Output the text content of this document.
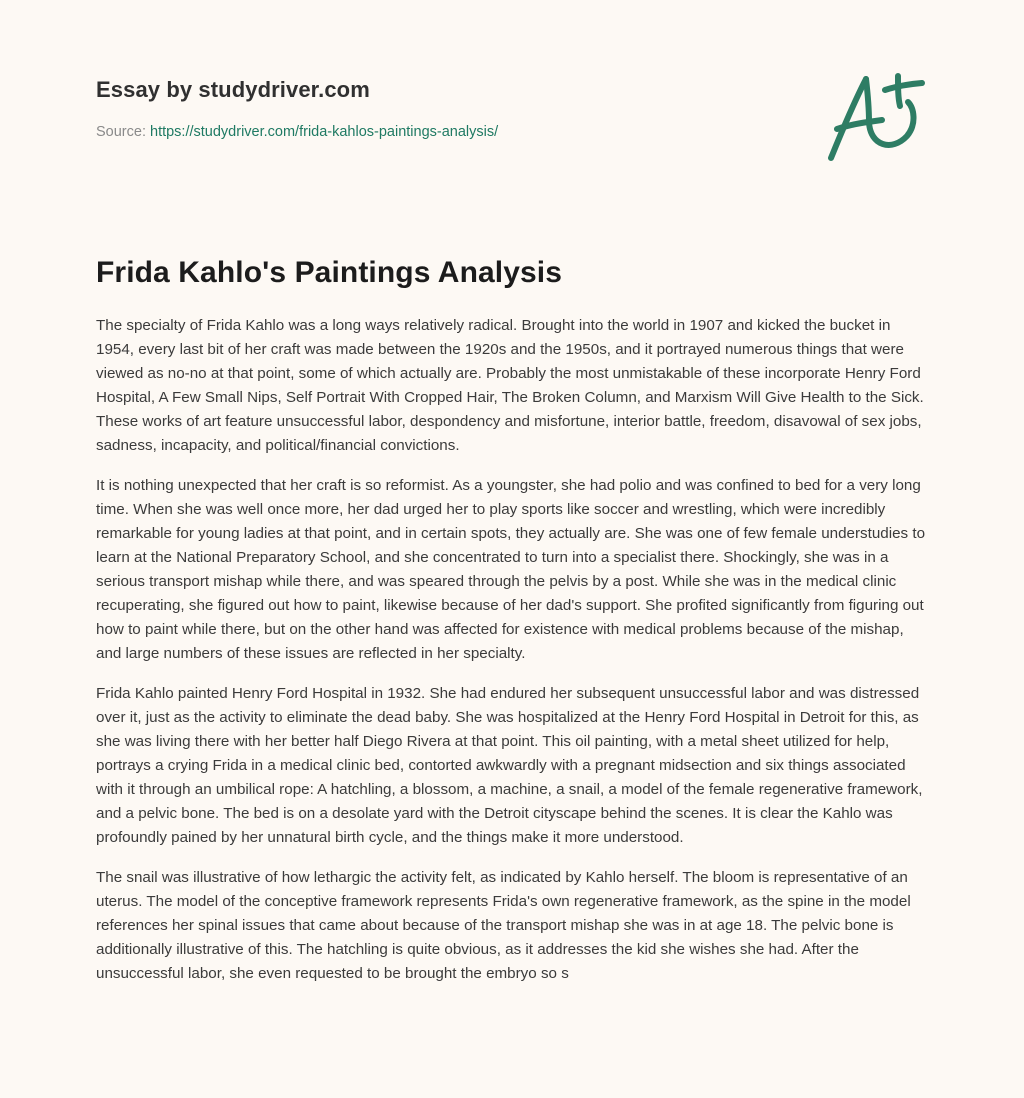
Essay by studydriver.com
Source: https://studydriver.com/frida-kahlos-paintings-analysis/
Frida Kahlo's Paintings Analysis

The specialty of Frida Kahlo was a long ways relatively radical. Brought into the world in 1907 and kicked the bucket in 1954, every last bit of her craft was made between the 1920s and the 1950s, and it portrayed numerous things that were viewed as no-no at that point, some of which actually are. Probably the most unmistakable of these incorporate Henry Ford Hospital, A Few Small Nips, Self Portrait With Cropped Hair, The Broken Column, and Marxism Will Give Health to the Sick. These works of art feature unsuccessful labor, despondency and misfortune, interior battle, freedom, disavowal of sex jobs, sadness, incapacity, and political/financial convictions.

It is nothing unexpected that her craft is so reformist. As a youngster, she had polio and was confined to bed for a very long time. When she was well once more, her dad urged her to play sports like soccer and wrestling, which were incredibly remarkable for young ladies at that point, and in certain spots, they actually are. She was one of few female understudies to learn at the National Preparatory School, and she concentrated to turn into a specialist there. Shockingly, she was in a serious transport mishap while there, and was speared through the pelvis by a post. While she was in the medical clinic recuperating, she figured out how to paint, likewise because of her dad's support. She profited significantly from figuring out how to paint while there, but on the other hand was affected for existence with medical problems because of the mishap, and large numbers of these issues are reflected in her specialty.

Frida Kahlo painted Henry Ford Hospital in 1932. She had endured her subsequent unsuccessful labor and was distressed over it, just as the activity to eliminate the dead baby. She was hospitalized at the Henry Ford Hospital in Detroit for this, as she was living there with her better half Diego Rivera at that point. This oil painting, with a metal sheet utilized for help, portrays a crying Frida in a medical clinic bed, contorted awkwardly with a pregnant midsection and six things associated with it through an umbilical rope: A hatchling, a blossom, a machine, a snail, a model of the female regenerative framework, and a pelvic bone. The bed is on a desolate yard with the Detroit cityscape behind the scenes. It is clear the Kahlo was profoundly pained by her unnatural birth cycle, and the things make it more understood.

The snail was illustrative of how lethargic the activity felt, as indicated by Kahlo herself. The bloom is representative of an uterus. The model of the conceptive framework represents Frida's own regenerative framework, as the spine in the model references her spinal issues that came about because of the transport mishap she was in at age 18. The pelvic bone is additionally illustrative of this. The hatchling is quite obvious, as it addresses the kid she wishes she had. After the unsuccessful labor, she even requested to be brought the embryo so s
